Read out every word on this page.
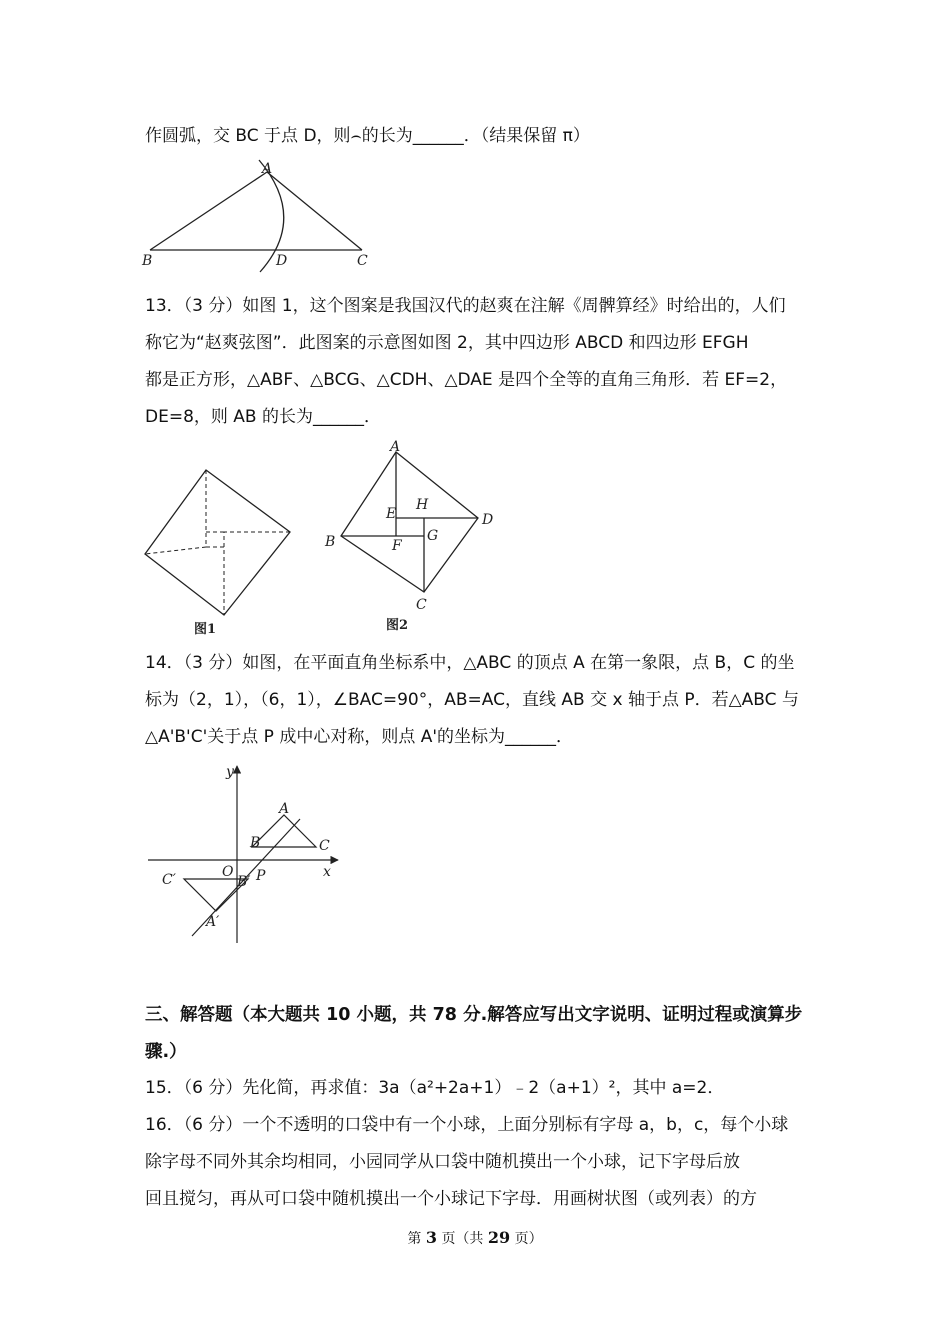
作圆弧，交 BC 于点 D，则⌢的长为______．（结果保留 π）
A
B	D	C
13．（3 分）如图 1，这个图案是我国汉代的赵爽在注解《周髀算经》时给出的，人们
称它为“赵爽弦图”．此图案的示意图如图 2，其中四边形 ABCD 和四边形 EFGH
都是正方形，△ABF、△BCG、△CDH、△DAE 是四个全等的直角三角形．若 EF=2，
DE=8，则 AB 的长为______．
图1
A
B
D
C
E
F
G
H
图2
14．（3 分）如图，在平面直角坐标系中，△ABC 的顶点 A 在第一象限，点 B，C 的坐
标为（2，1），（6，1），∠BAC=90°，AB=AC，直线 AB 交 x 轴于点 P．若△ABC 与
△A'B'C'关于点 P 成中心对称，则点 A'的坐标为______．
y
x
O
A
B	C
P
B′
C′
A′
三、解答题（本大题共 10 小题，共 78 分.解答应写出文字说明、证明过程或演算步
骤.）
15．（6 分）先化简，再求值：3a（a²+2a+1）﹣2（a+1）²，其中 a=2．
16．（6 分）一个不透明的口袋中有一个小球，上面分别标有字母 a，b，c，每个小球
除字母不同外其余均相同，小园同学从口袋中随机摸出一个小球，记下字母后放
回且搅匀，再从可口袋中随机摸出一个小球记下字母．用画树状图（或列表）的方
第 3 页（共 29 页）
